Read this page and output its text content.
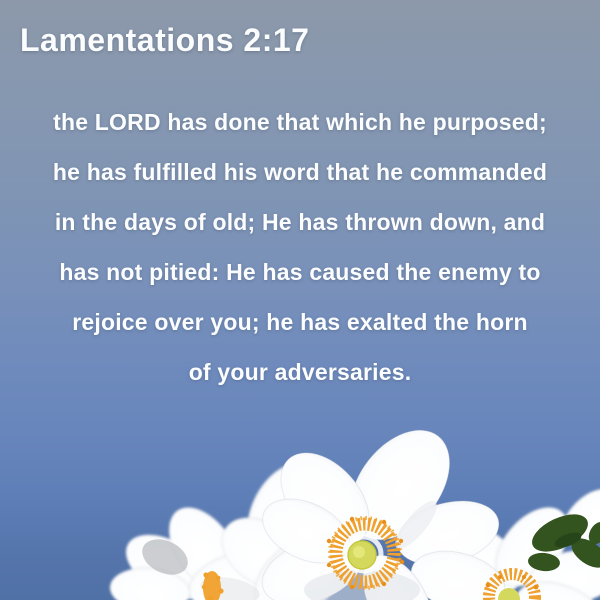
Lamentations 2:17
the LORD has done that which he purposed;
he has fulfilled his word that he commanded
in the days of old; He has thrown down, and
has not pitied: He has caused the enemy to
rejoice over you; he has exalted the horn
of your adversaries.
